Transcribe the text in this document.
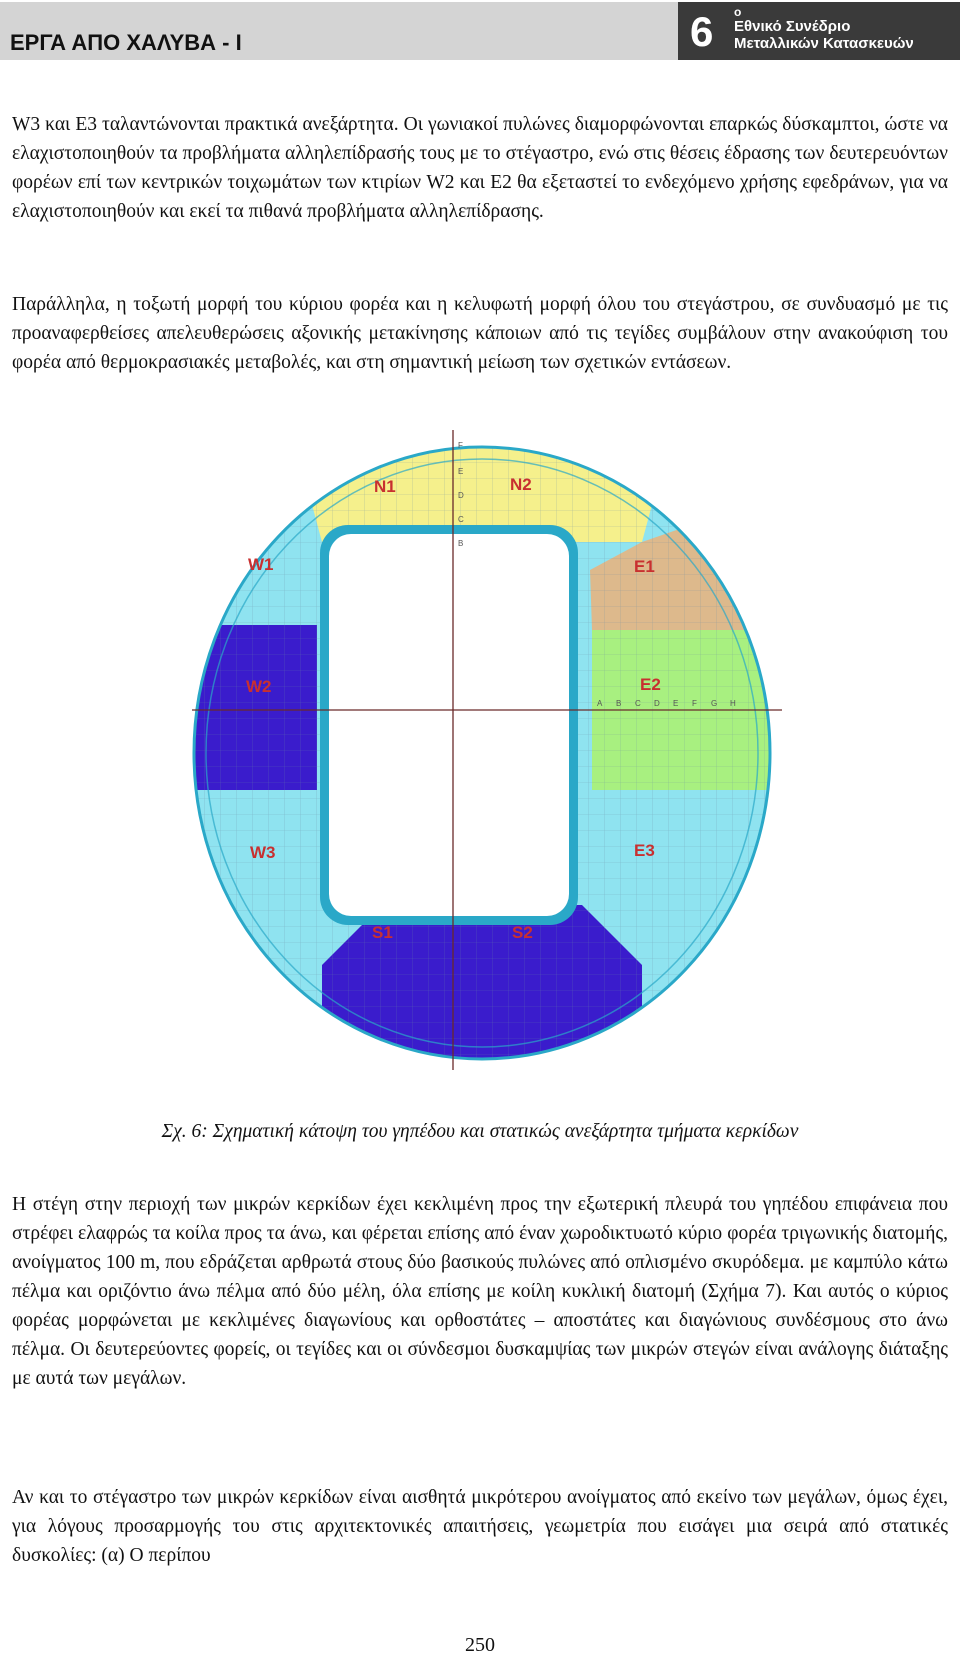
ΕΡΓΑ ΑΠΟ ΧΑΛΥΒΑ - Ι	6 ο
Εθνικό Συνέδριο
Μεταλλικών Κατασκευών

W3 και E3 ταλαντώνονται πρακτικά ανεξάρτητα. Οι γωνιακοί πυλώνες διαμορφώνονται επαρκώς δύσκαμπτοι, ώστε να ελαχιστοποιηθούν τα προβλήματα αλληλεπίδρασής τους με το στέγαστρο, ενώ στις θέσεις έδρασης των δευτερευόντων φορέων επί των κεντρικών τοιχωμάτων των κτιρίων W2 και E2 θα εξεταστεί το ενδεχόμενο χρήσης εφεδράνων, για να ελαχιστοποιηθούν και εκεί τα πιθανά προβλήματα αλληλεπίδρασης.

Παράλληλα, η τοξωτή μορφή του κύριου φορέα και η κελυφωτή μορφή όλου του στεγάστρου, σε συνδυασμό με τις προαναφερθείσες απελευθερώσεις αξονικής μετακίνησης κάποιων από τις τεγίδες συμβάλουν στην ανακούφιση του φορέα από θερμοκρασιακές μεταβολές, και στη σημαντική μείωση των σχετικών εντάσεων.

F
E
D
C
B
A B C D E F G H
N1	N2
W1
W2
W3
E1
E2
E3
S1	S2
Σχ. 6: Σχηματική κάτοψη του γηπέδου και στατικώς ανεξάρτητα τμήματα κερκίδων

Η στέγη στην περιοχή των μικρών κερκίδων έχει κεκλιμένη προς την εξωτερική πλευρά του γηπέδου επιφάνεια που στρέφει ελαφρώς τα κοίλα προς τα άνω, και φέρεται επίσης από έναν χωροδικτυωτό κύριο φορέα τριγωνικής διατομής, ανοίγματος 100 m, που εδράζεται αρθρωτά στους δύο βασικούς πυλώνες από οπλισμένο σκυρόδεμα. με καμπύλο κάτω πέλμα και οριζόντιο άνω πέλμα από δύο μέλη, όλα επίσης με κοίλη κυκλική διατομή (Σχήμα 7). Και αυτός ο κύριος φορέας μορφώνεται με κεκλιμένες διαγωνίους και ορθοστάτες – αποστάτες και διαγώνιους συνδέσμους στο άνω πέλμα. Οι δευτερεύοντες φορείς, οι τεγίδες και οι σύνδεσμοι δυσκαμψίας των μικρών στεγών είναι ανάλογης διάταξης με αυτά των μεγάλων.

Αν και το στέγαστρο των μικρών κερκίδων είναι αισθητά μικρότερου ανοίγματος από εκείνο των μεγάλων, όμως έχει, για λόγους προσαρμογής του στις αρχιτεκτονικές απαιτήσεις, γεωμετρία που εισάγει μια σειρά από στατικές δυσκολίες: (α) Ο περίπου

250
